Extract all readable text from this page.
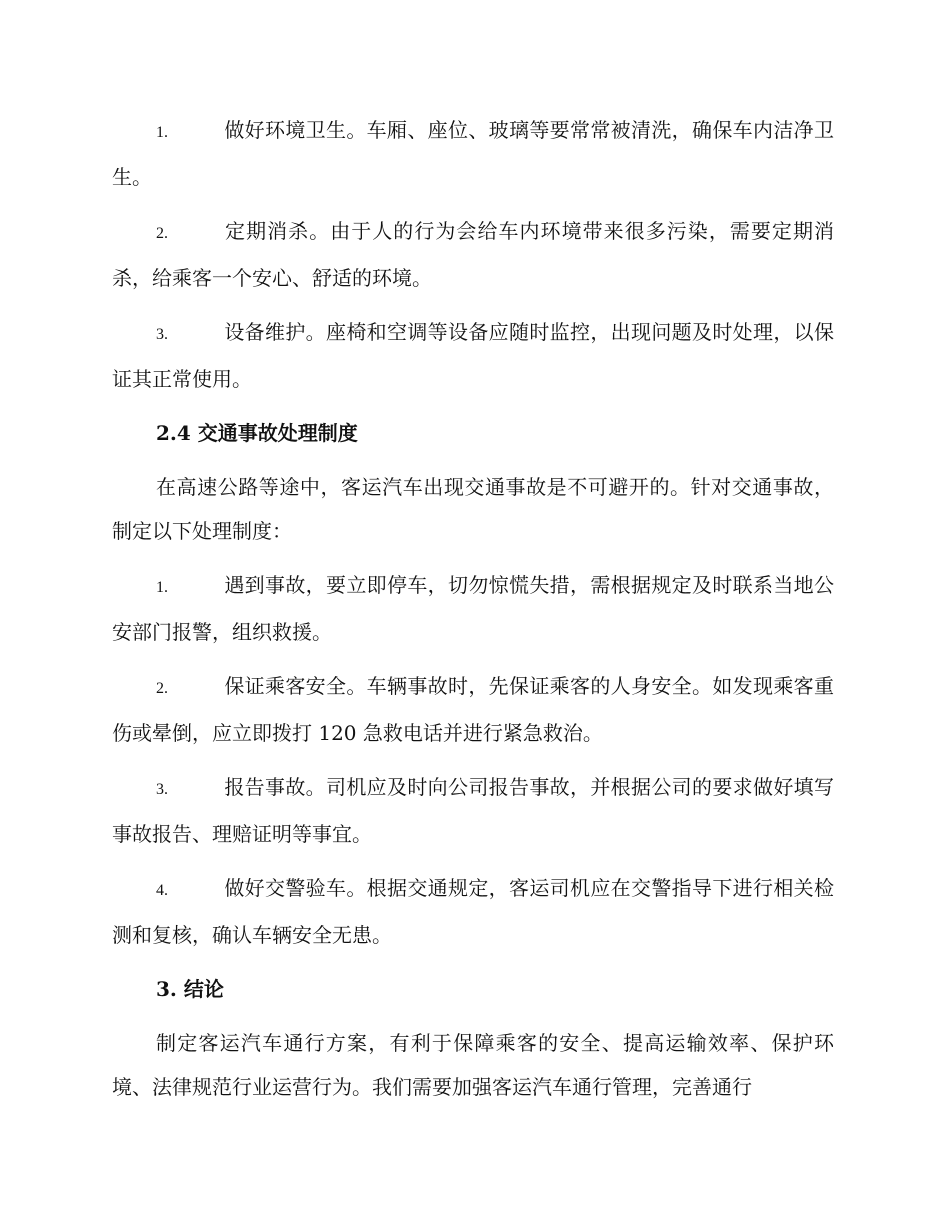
1.	做好环境卫生。车厢、座位、玻璃等要常常被清洗，确保车内洁净卫生。
2.	定期消杀。由于人的行为会给车内环境带来很多污染，需要定期消杀，给乘客一个安心、舒适的环境。
3.	设备维护。座椅和空调等设备应随时监控，出现问题及时处理，以保证其正常使用。
2.4 交通事故处理制度
在高速公路等途中，客运汽车出现交通事故是不可避开的。针对交通事故，制定以下处理制度：
1.	遇到事故，要立即停车，切勿惊慌失措，需根据规定及时联系当地公安部门报警，组织救援。
2.	保证乘客安全。车辆事故时，先保证乘客的人身安全。如发现乘客重伤或晕倒，应立即拨打 120 急救电话并进行紧急救治。
3.	报告事故。司机应及时向公司报告事故，并根据公司的要求做好填写事故报告、理赔证明等事宜。
4.	做好交警验车。根据交通规定，客运司机应在交警指导下进行相关检测和复核，确认车辆安全无患。
3. 结论
制定客运汽车通行方案，有利于保障乘客的安全、提高运输效率、保护环境、法律规范行业运营行为。我们需要加强客运汽车通行管理，完善通行
